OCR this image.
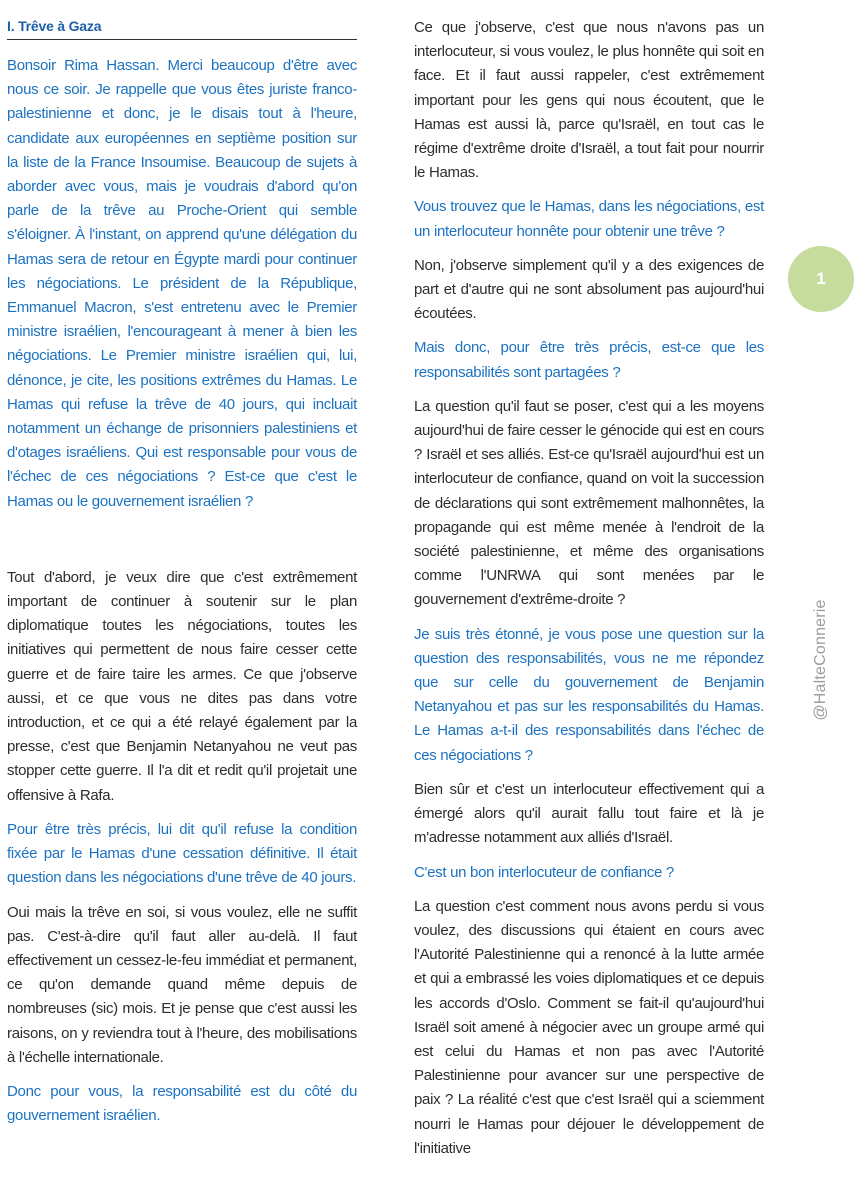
I. Trêve à Gaza

Bonsoir Rima Hassan. Merci beaucoup d'être avec nous ce soir. Je rappelle que vous êtes juriste franco-palestinienne et donc, je le disais tout à l'heure, candidate aux européennes en septième position sur la liste de la France Insoumise. Beaucoup de sujets à aborder avec vous, mais je voudrais d'abord qu'on parle de la trêve au Proche-Orient qui semble s'éloigner. À l'instant, on apprend qu'une délégation du Hamas sera de retour en Égypte mardi pour continuer les négociations. Le président de la République, Emmanuel Macron, s'est entretenu avec le Premier ministre israélien, l'encourageant à mener à bien les négociations. Le Premier ministre israélien qui, lui, dénonce, je cite, les positions extrêmes du Hamas. Le Hamas qui refuse la trêve de 40 jours, qui incluait notamment un échange de prisonniers palestiniens et d'otages israéliens. Qui est responsable pour vous de l'échec de ces négociations ? Est-ce que c'est le Hamas ou le gouvernement israélien ?

Tout d'abord, je veux dire que c'est extrêmement important de continuer à soutenir sur le plan diplomatique toutes les négociations, toutes les initiatives qui permettent de nous faire cesser cette guerre et de faire taire les armes. Ce que j'observe aussi, et ce que vous ne dites pas dans votre introduction, et ce qui a été relayé également par la presse, c'est que Benjamin Netanyahou ne veut pas stopper cette guerre. Il l'a dit et redit qu'il projetait une offensive à Rafa.

Pour être très précis, lui dit qu'il refuse la condition fixée par le Hamas d'une cessation définitive. Il était question dans les négociations d'une trêve de 40 jours.

Oui mais la trêve en soi, si vous voulez, elle ne suffit pas. C'est-à-dire qu'il faut aller au-delà. Il faut effectivement un cessez-le-feu immédiat et permanent, ce qu'on demande quand même depuis de nombreuses (sic) mois. Et je pense que c'est aussi les raisons, on y reviendra tout à l'heure, des mobilisations à l'échelle internationale.

Donc pour vous, la responsabilité est du côté du gouvernement israélien.

Ce que j'observe, c'est que nous n'avons pas un interlocuteur, si vous voulez, le plus honnête qui soit en face. Et il faut aussi rappeler, c'est extrêmement important pour les gens qui nous écoutent, que le Hamas est aussi là, parce qu'Israël, en tout cas le régime d'extrême droite d'Israël, a tout fait pour nourrir le Hamas.

Vous trouvez que le Hamas, dans les négociations, est un interlocuteur honnête pour obtenir une trêve ?

Non, j'observe simplement qu'il y a des exigences de part et d'autre qui ne sont absolument pas aujourd'hui écoutées.

Mais donc, pour être très précis, est-ce que les responsabilités sont partagées ?

La question qu'il faut se poser, c'est qui a les moyens aujourd'hui de faire cesser le génocide qui est en cours ? Israël et ses alliés. Est-ce qu'Israël aujourd'hui est un interlocuteur de confiance, quand on voit la succession de déclarations qui sont extrêmement malhonnêtes, la propagande qui est même menée à l'endroit de la société palestinienne, et même des organisations comme l'UNRWA qui sont menées par le gouvernement d'extrême-droite ?

Je suis très étonné, je vous pose une question sur la question des responsabilités, vous ne me répondez que sur celle du gouvernement de Benjamin Netanyahou et pas sur les responsabilités du Hamas. Le Hamas a-t-il des responsabilités dans l'échec de ces négociations ?

Bien sûr et c'est un interlocuteur effectivement qui a émergé alors qu'il aurait fallu tout faire et là je m'adresse notamment aux alliés d'Israël.

C'est un bon interlocuteur de confiance ?

La question c'est comment nous avons perdu si vous voulez, des discussions qui étaient en cours avec l'Autorité Palestinienne qui a renoncé à la lutte armée et qui a embrassé les voies diplomatiques et ce depuis les accords d'Oslo. Comment se fait-il qu'aujourd'hui Israël soit amené à négocier avec un groupe armé qui est celui du Hamas et non pas avec l'Autorité Palestinienne pour avancer sur une perspective de paix ? La réalité c'est que c'est Israël qui a sciemment nourri le Hamas pour déjouer le développement de l'initiative

1
@HalteConnerie
